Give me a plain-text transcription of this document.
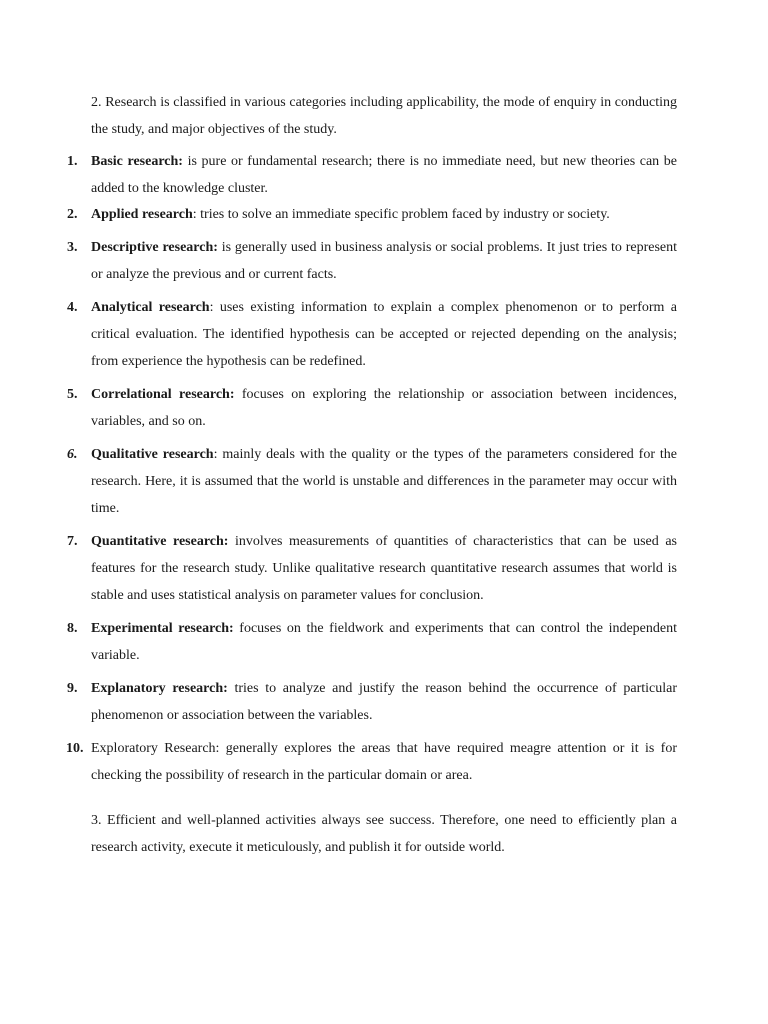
2. Research is classified in various categories including applicability, the mode of enquiry in conducting the study, and major objectives of the study.

1. Basic research: is pure or fundamental research; there is no immediate need, but new theories can be added to the knowledge cluster.
2. Applied research: tries to solve an immediate specific problem faced by industry or society.
3. Descriptive research: is generally used in business analysis or social problems. It just tries to represent or analyze the previous and or current facts.
4. Analytical research: uses existing information to explain a complex phenomenon or to perform a critical evaluation. The identified hypothesis can be accepted or rejected depending on the analysis; from experience the hypothesis can be redefined.
5. Correlational research: focuses on exploring the relationship or association between incidences, variables, and so on.
6. Qualitative research: mainly deals with the quality or the types of the parameters considered for the research. Here, it is assumed that the world is unstable and differences in the parameter may occur with time.
7. Quantitative research: involves measurements of quantities of characteristics that can be used as features for the research study. Unlike qualitative research quantitative research assumes that world is stable and uses statistical analysis on parameter values for conclusion.
8. Experimental research: focuses on the fieldwork and experiments that can control the independent variable.
9. Explanatory research: tries to analyze and justify the reason behind the occurrence of particular phenomenon or association between the variables.
10. Exploratory Research: generally explores the areas that have required meagre attention or it is for checking the possibility of research in the particular domain or area.

3. Efficient and well-planned activities always see success. Therefore, one need to efficiently plan a research activity, execute it meticulously, and publish it for outside world.
